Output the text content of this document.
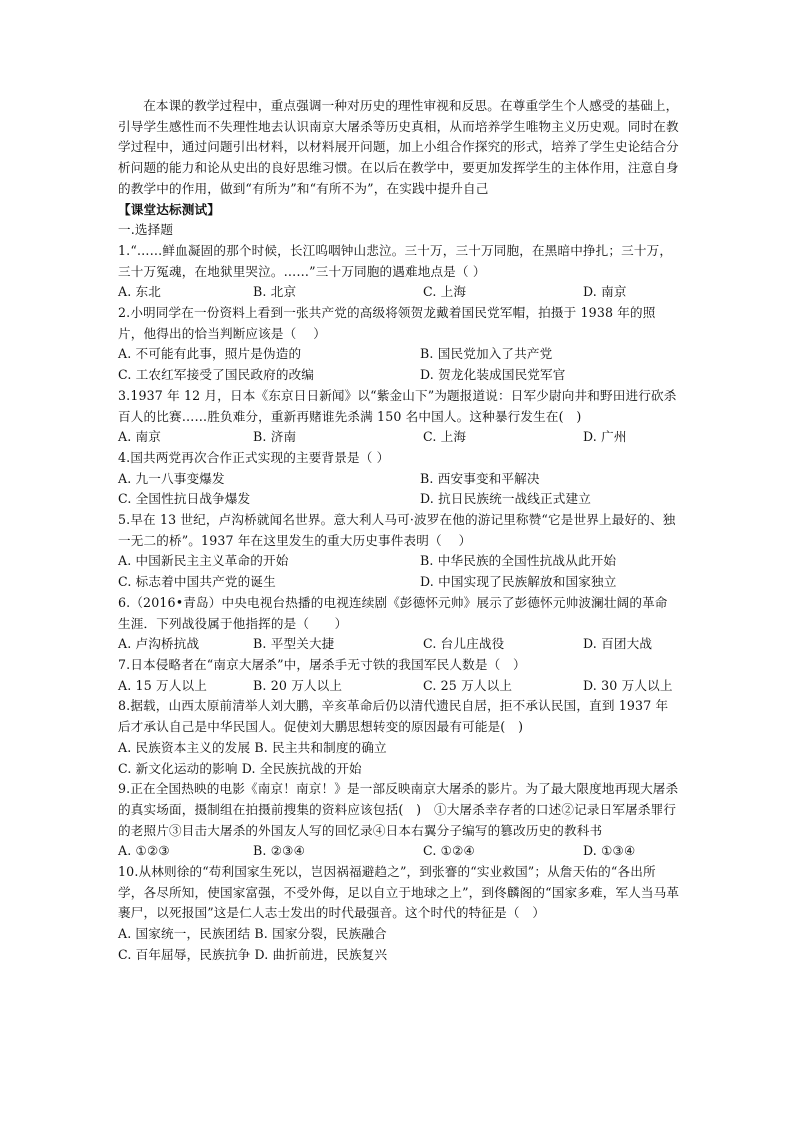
在本课的教学过程中，重点强调一种对历史的理性审视和反思。在尊重学生个人感受的基础上，引导学生感性而不失理性地去认识南京大屠杀等历史真相，从而培养学生唯物主义历史观。同时在教学过程中，通过问题引出材料，以材料展开问题，加上小组合作探究的形式，培养了学生史论结合分析问题的能力和论从史出的良好思维习惯。在以后在教学中，要更加发挥学生的主体作用，注意自身的教学中的作用，做到“有所为”和“有所不为”，在实践中提升自己

【课堂达标测试】

一.选择题

1.“……鲜血凝固的那个时候，长江呜咽钟山悲泣。三十万，三十万同胞，在黑暗中挣扎；三十万，三十万冤魂，在地狱里哭泣。……”三十万同胞的遇难地点是（ ）

A. 东北	B. 北京	C. 上海	D. 南京

2.小明同学在一份资料上看到一张共产党的高级将领贺龙戴着国民党军帽，拍摄于 1938 年的照片，他得出的恰当判断应该是（　 ）

A. 不可能有此事，照片是伪造的	B. 国民党加入了共产党
C. 工农红军接受了国民政府的改编	D. 贺龙化装成国民党军官

3.1937 年 12 月，日本《东京日日新闻》以“紫金山下”为题报道说：日军少尉向井和野田进行砍杀百人的比赛……胜负难分，重新再赌谁先杀满 150 名中国人。这种暴行发生在(　)

A. 南京	B. 济南	C. 上海	D. 广州

4.国共两党再次合作正式实现的主要背景是（ ）

A. 九一八事变爆发	B. 西安事变和平解决
C. 全国性抗日战争爆发	D. 抗日民族统一战线正式建立

5.早在 13 世纪，卢沟桥就闻名世界。意大利人马可·波罗在他的游记里称赞“它是世界上最好的、独一无二的桥”。1937 年在这里发生的重大历史事件表明（　 ）

A. 中国新民主主义革命的开始	B. 中华民族的全国性抗战从此开始
C. 标志着中国共产党的诞生	D. 中国实现了民族解放和国家独立

6.（2016•青岛）中央电视台热播的电视连续剧《彭德怀元帅》展示了彭德怀元帅波澜壮阔的革命生涯．下列战役属于他指挥的是（　　）

A. 卢沟桥抗战	B. 平型关大捷	C. 台儿庄战役	D. 百团大战

7.日本侵略者在“南京大屠杀”中，屠杀手无寸铁的我国军民人数是（　）

A. 15 万人以上	B. 20 万人以上	C. 25 万人以上	D. 30 万人以上

8.据载，山西太原前清举人刘大鹏，辛亥革命后仍以清代遗民自居，拒不承认民国，直到 1937 年后才承认自己是中华民国人。促使刘大鹏思想转变的原因最有可能是(　)

A. 民族资本主义的发展 B. 民主共和制度的确立

C. 新文化运动的影响 D. 全民族抗战的开始

9.正在全国热映的电影《南京！南京！》是一部反映南京大屠杀的影片。为了最大限度地再现大屠杀的真实场面，摄制组在拍摄前搜集的资料应该包括(　)　①大屠杀幸存者的口述②记录日军屠杀罪行的老照片③目击大屠杀的外国友人写的回忆录④日本右翼分子编写的篡改历史的教科书

A. ①②③	B. ②③④	C. ①②④	D. ①③④

10.从林则徐的“苟利国家生死以，岂因祸福避趋之”，到张謇的“实业救国”；从詹天佑的“各出所学，各尽所知，使国家富强，不受外侮，足以自立于地球之上”，到佟麟阁的“国家多难，军人当马革裹尸，以死报国”这是仁人志士发出的时代最强音。这个时代的特征是（　）

A. 国家统一，民族团结 B. 国家分裂，民族融合

C. 百年屈辱，民族抗争 D. 曲折前进，民族复兴
